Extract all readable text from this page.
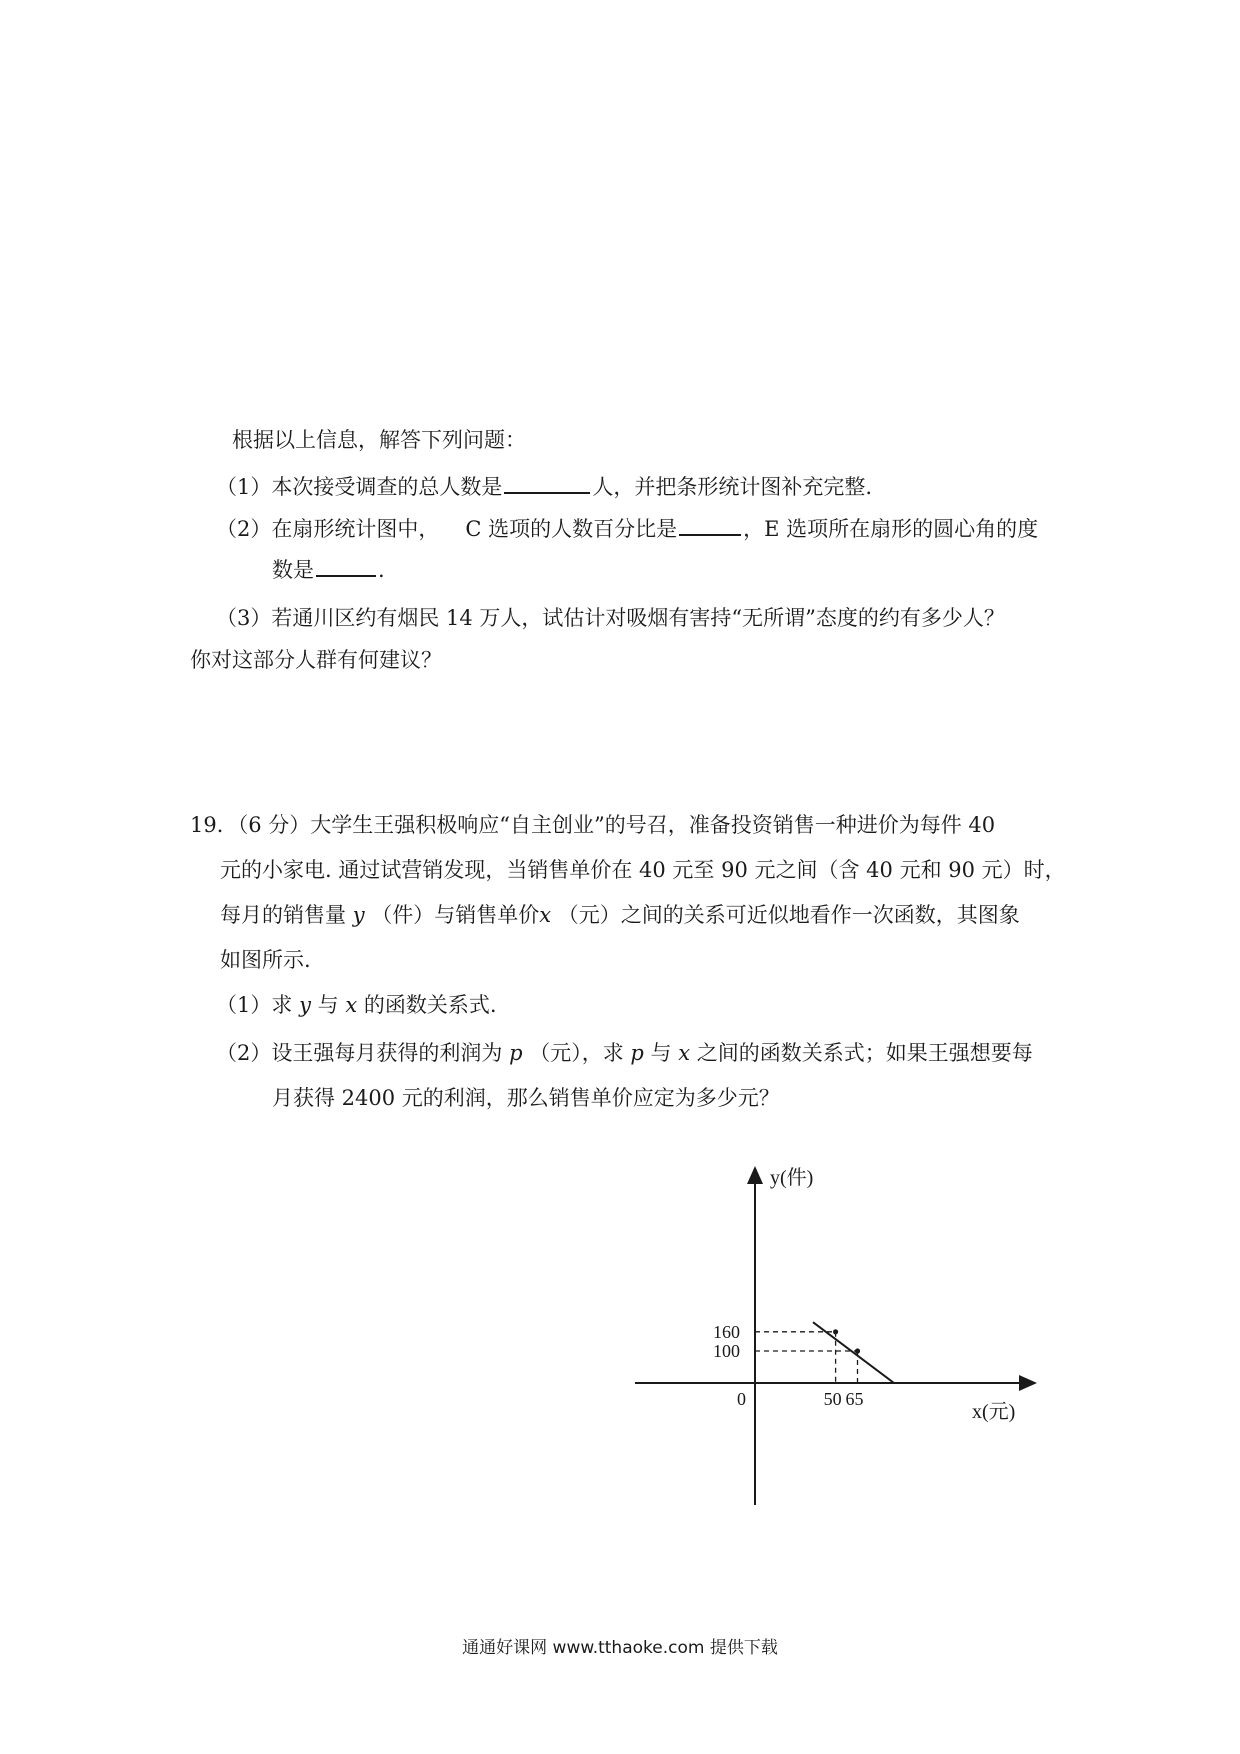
根据以上信息，解答下列问题：
（1）本次接受调查的总人数是	人，并把条形统计图补充完整.
（2）在扇形统计图中， C 选项的人数百分比是	，E 选项所在扇形的圆心角的度
数是	.
（3）若通川区约有烟民 14 万人，试估计对吸烟有害持“无所谓”态度的约有多少人？
你对这部分人群有何建议？
19．（6 分）大学生王强积极响应“自主创业”的号召，准备投资销售一种进价为每件 40
元的小家电. 通过试营销发现，当销售单价在 40 元至 90 元之间（含 40 元和 90 元）时，
每月的销售量 y （件）与销售单价x （元）之间的关系可近似地看作一次函数，其图象
如图所示.
（1）求 y 与 x 的函数关系式.
（2）设王强每月获得的利润为 p （元），求 p 与 x 之间的函数关系式；如果王强想要每
月获得 2400 元的利润，那么销售单价应定为多少元？
y(件)
x(元)
0	50 65
160
100
通通好课网 www.tthaoke.com 提供下载
